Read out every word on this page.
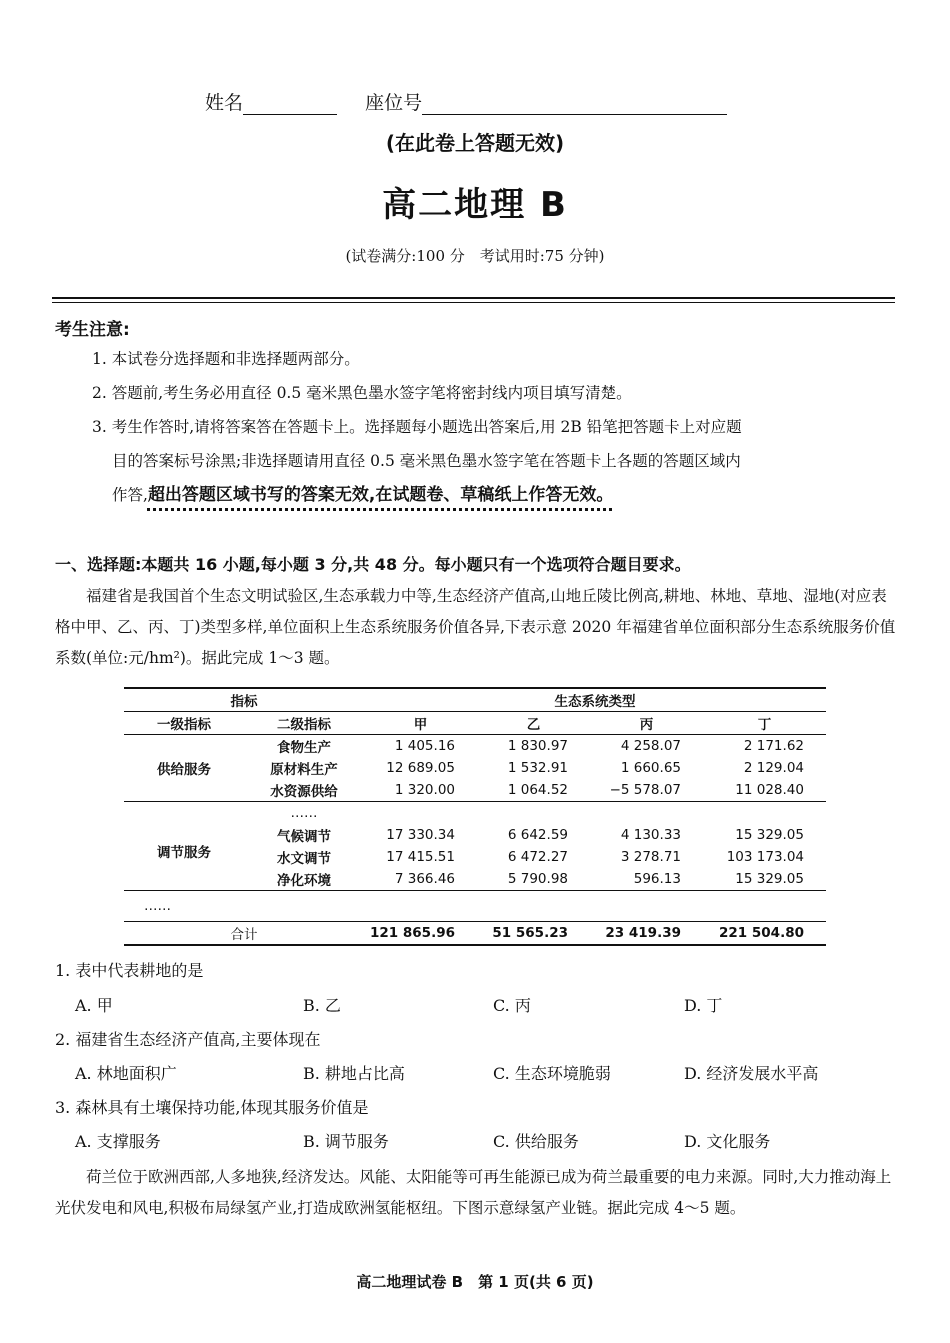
姓名	座位号
(在此卷上答题无效)
高二地理 B
(试卷满分:100 分　考试用时:75 分钟)
考生注意:
1. 本试卷分选择题和非选择题两部分。
2. 答题前,考生务必用直径 0.5 毫米黑色墨水签字笔将密封线内项目填写清楚。
3. 考生作答时,请将答案答在答题卡上。选择题每小题选出答案后,用 2B 铅笔把答题卡上对应题
目的答案标号涂黑;非选择题请用直径 0.5 毫米黑色墨水签字笔在答题卡上各题的答题区域内
作答,超出答题区域书写的答案无效,在试题卷、草稿纸上作答无效。
一、选择题:本题共 16 小题,每小题 3 分,共 48 分。每小题只有一个选项符合题目要求。
福建省是我国首个生态文明试验区,生态承载力中等,生态经济产值高,山地丘陵比例高,耕地、林地、草地、湿地(对应表格中甲、乙、丙、丁)类型多样,单位面积上生态系统服务价值各异,下表示意 2020 年福建省单位面积部分生态系统服务价值系数(单位:元/hm²)。据此完成 1～3 题。
指标		生态系统类型			
一级指标	二级指标	甲	乙	丙	丁
供给服务	食物生产	1 405.16	1 830.97	4 258.07	2 171.62
	原材料生产	12 689.05	1 532.91	1 660.65	2 129.04
	水资源供给	1 320.00	1 064.52	−5 578.07	11 028.40
调节服务	……				
	气候调节	17 330.34	6 642.59	4 130.33	15 329.05
	水文调节	17 415.51	6 472.27	3 278.71	103 173.04
	净化环境	7 366.46	5 790.98	596.13	15 329.05
……					
合计		121 865.96	51 565.23	23 419.39	221 504.80
1. 表中代表耕地的是
A. 甲	B. 乙	C. 丙	D. 丁
2. 福建省生态经济产值高,主要体现在
A. 林地面积广	B. 耕地占比高	C. 生态环境脆弱	D. 经济发展水平高
3. 森林具有土壤保持功能,体现其服务价值是
A. 支撑服务	B. 调节服务	C. 供给服务	D. 文化服务
荷兰位于欧洲西部,人多地狭,经济发达。风能、太阳能等可再生能源已成为荷兰最重要的电力来源。同时,大力推动海上光伏发电和风电,积极布局绿氢产业,打造成欧洲氢能枢纽。下图示意绿氢产业链。据此完成 4～5 题。
高二地理试卷 B　第 1 页(共 6 页)
